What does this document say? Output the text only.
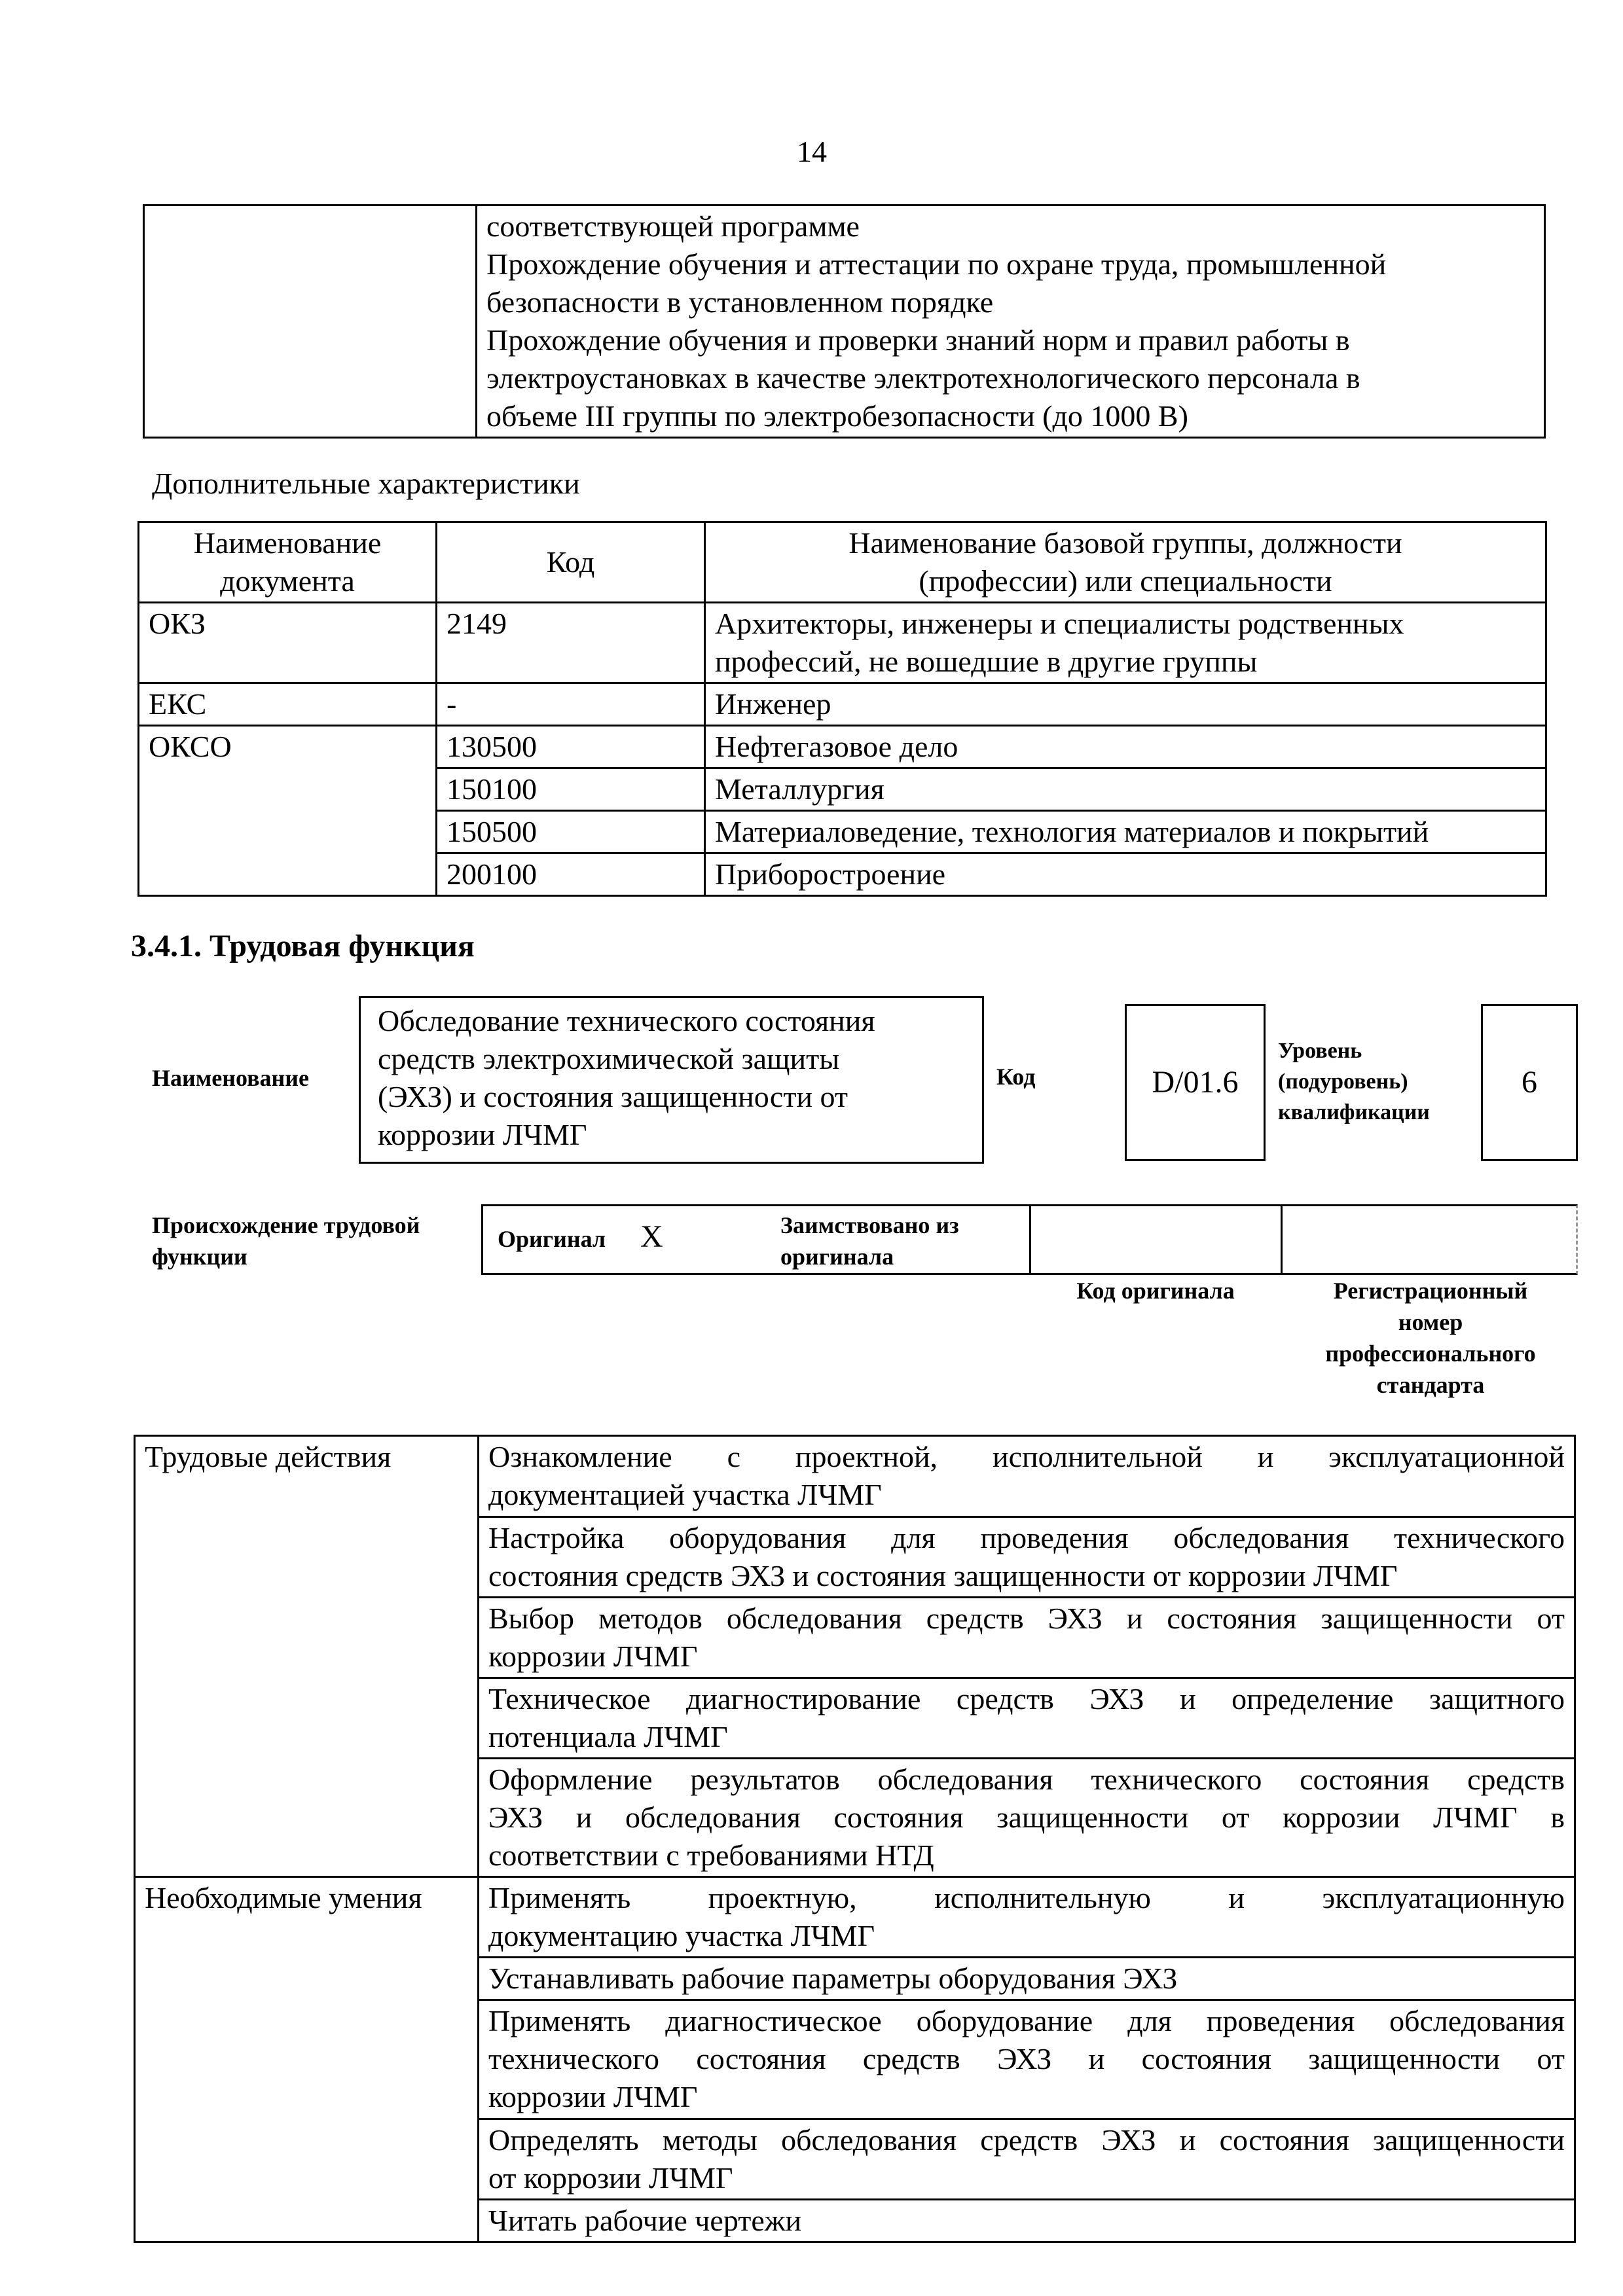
14

соответствующей программе
Прохождение обучения и аттестации по охране труда, промышленной
безопасности в установленном порядке
Прохождение обучения и проверки знаний норм и правил работы в
электроустановках в качестве электротехнологического персонала в
объеме III группы по электробезопасности (до 1000 В)
Дополнительные характеристики
Наименование
документа	Код	Наименование базовой группы, должности
(профессии) или специальности

ОКЗ	2149	Архитекторы, инженеры и специалисты родственных
профессий, не вошедшие в другие группы

ЕКС	-	Инженер
ОКСО	130500	Нефтегазовое дело
	150100	Металлургия
	150500	Материаловедение, технология материалов и покрытий
	200100	Приборостроение
3.4.1. Трудовая функция
Наименование
Обследование технического состояния
средств электрохимической защиты
(ЭХЗ) и состояния защищенности от
коррозии ЛЧМГ
Код	D/01.6
Уровень
(подуровень)
квалификации
6
Происхождение трудовой
функции
Оригинал X	Заимствовано из
оригинала
Код оригинала	Регистрационный
номер
профессионального
стандарта
Трудовые действия	Ознакомление с проектной, исполнительной и эксплуатационной
документацией участка ЛЧМГ

	Настройка оборудования для проведения обследования технического
состояния средств ЭХЗ и состояния защищенности от коррозии ЛЧМГ

	Выбор методов обследования средств ЭХЗ и состояния защищенности от
коррозии ЛЧМГ

	Техническое диагностирование средств ЭХЗ и определение защитного
потенциала ЛЧМГ

	Оформление результатов обследования технического состояния средств
ЭХЗ и обследования состояния защищенности от коррозии ЛЧМГ в
соответствии с требованиями НТД

Необходимые умения	Применять проектную, исполнительную и эксплуатационную
документацию участка ЛЧМГ

	Устанавливать рабочие параметры оборудования ЭХЗ

	Применять диагностическое оборудование для проведения обследования
технического состояния средств ЭХЗ и состояния защищенности от
коррозии ЛЧМГ

	Определять методы обследования средств ЭХЗ и состояния защищенности
от коррозии ЛЧМГ

	Читать рабочие чертежи
